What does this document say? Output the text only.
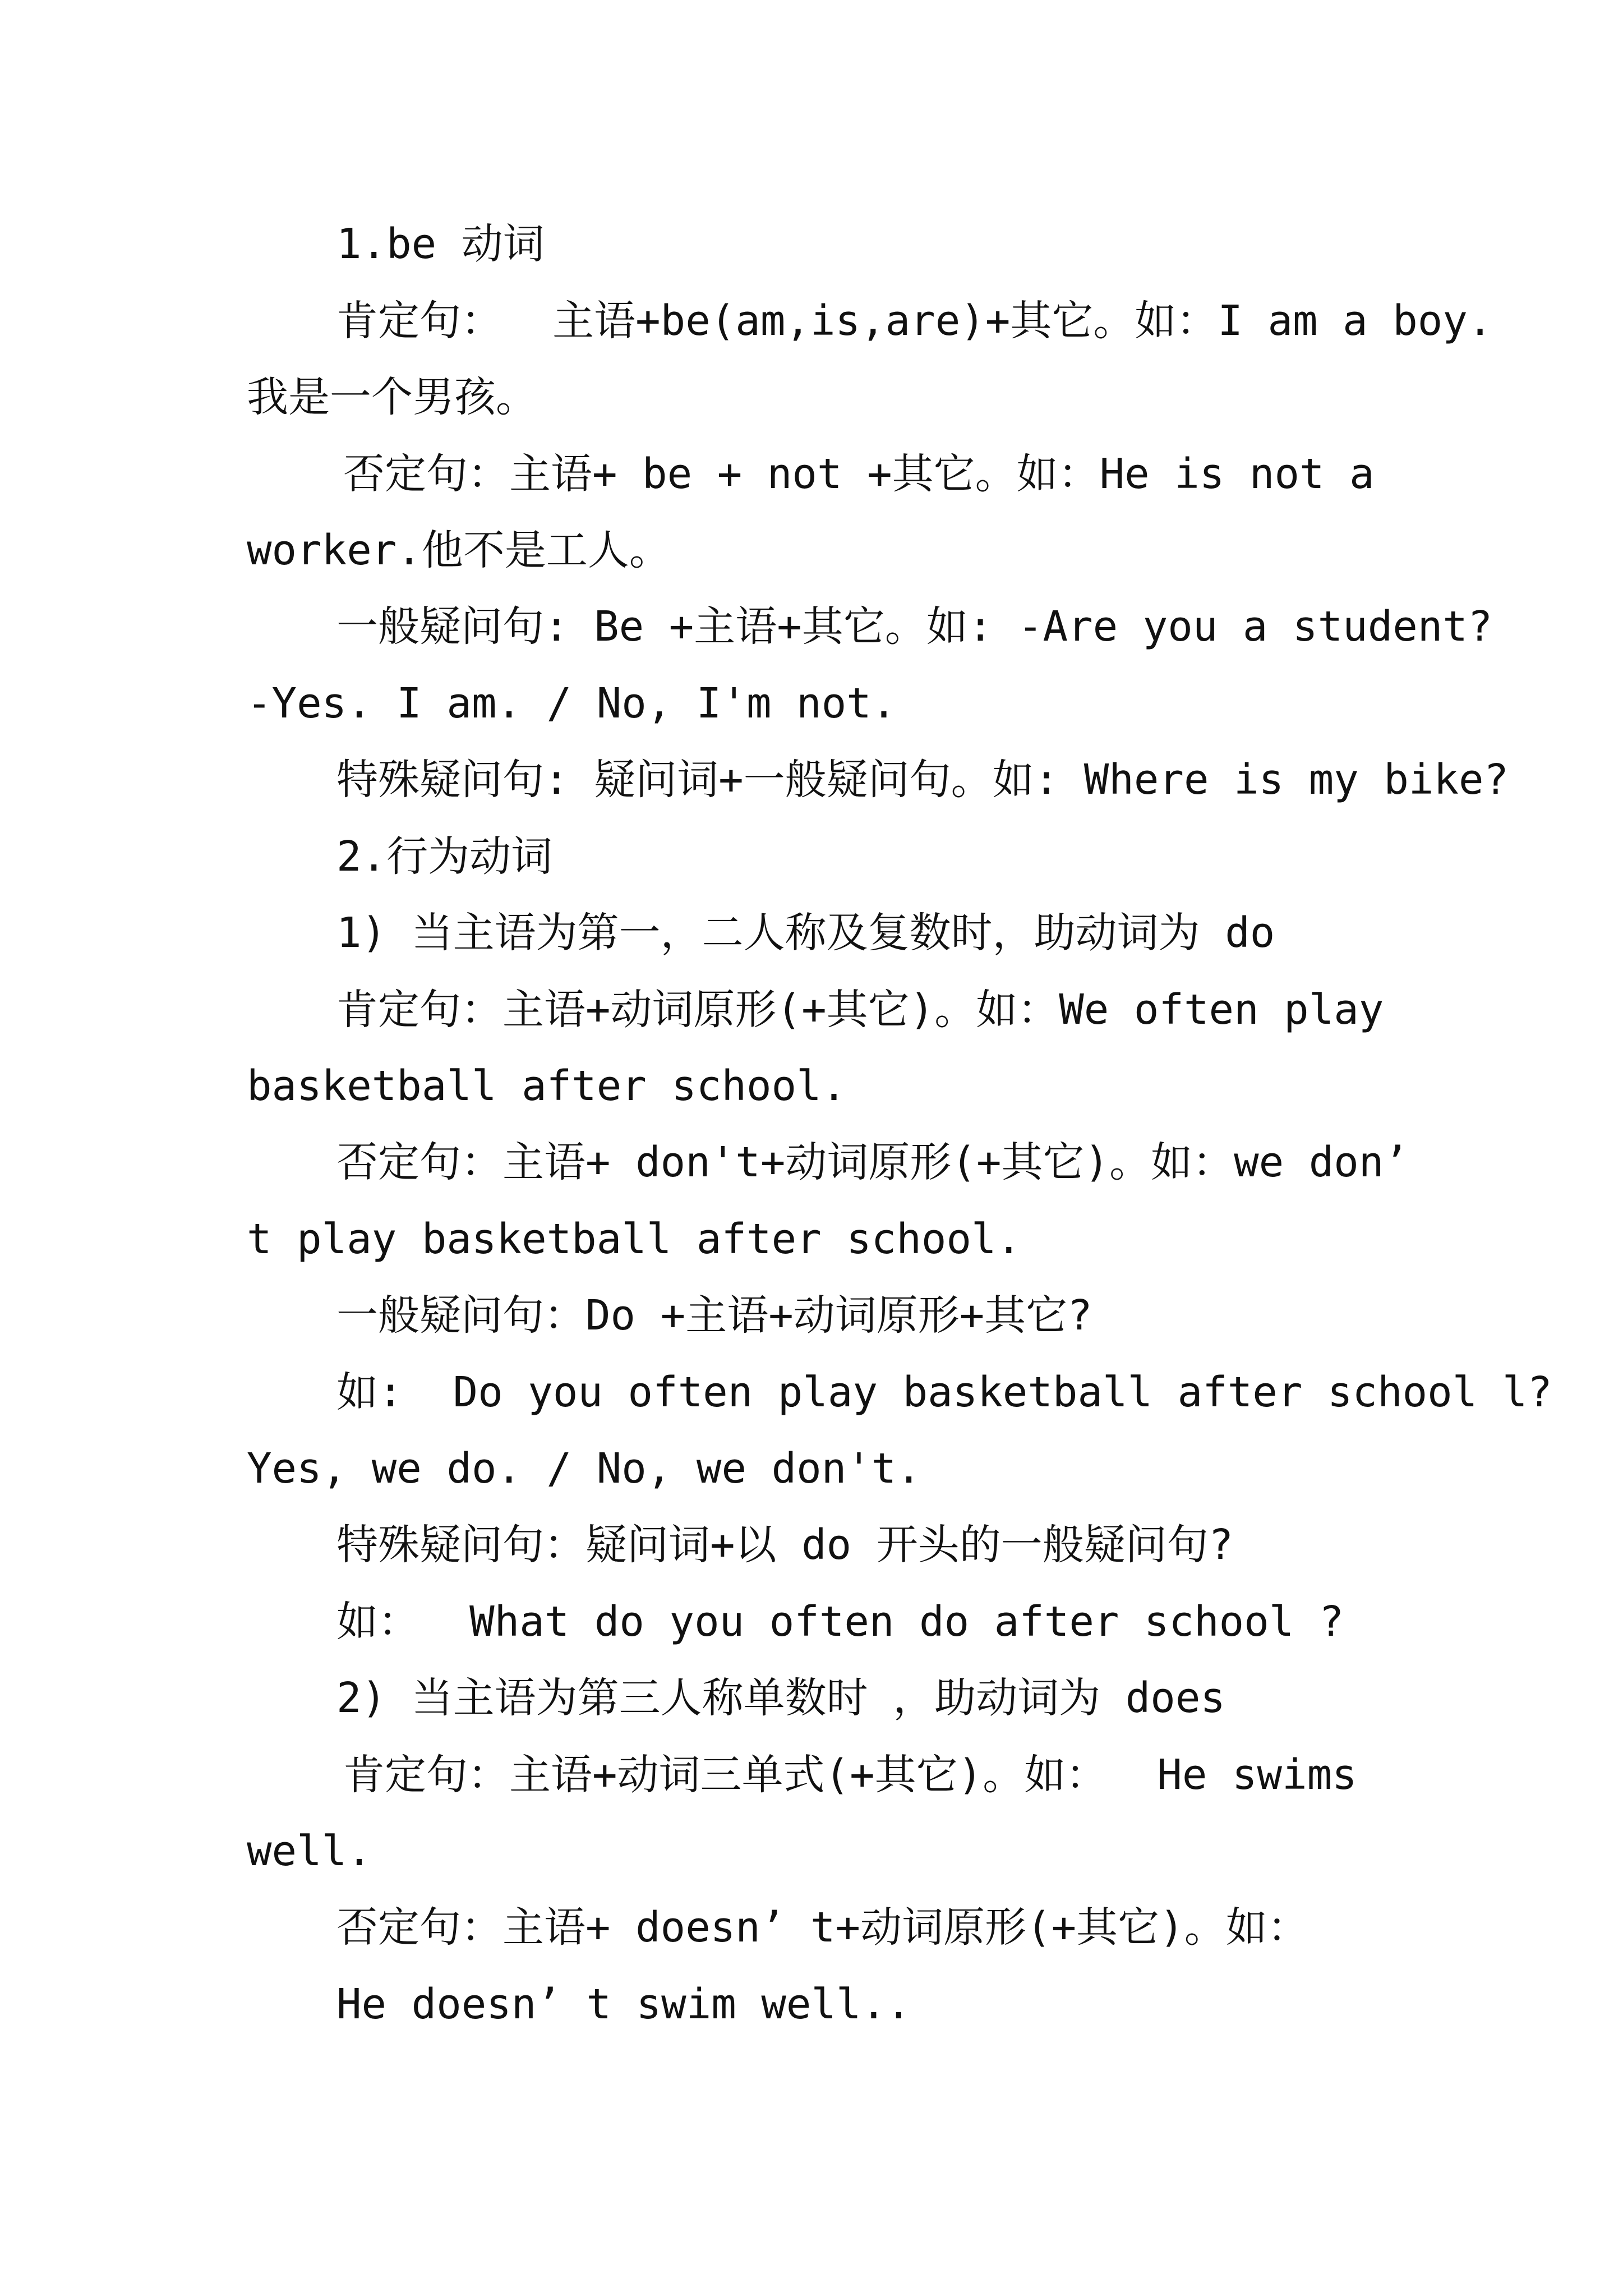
1.be 动词
肯定句：  主语+be(am,is,are)+其它。如：I am a boy.
我是一个男孩。
否定句：主语+ be + not +其它。如：He is not a
worker.他不是工人。
一般疑问句: Be +主语+其它。如: -Are you a student?
-Yes. I am. / No, I'm not.
特殊疑问句: 疑问词+一般疑问句。如: Where is my bike?
2.行为动词
1) 当主语为第一，二人称及复数时，助动词为 do
肯定句：主语+动词原形(+其它)。如：We often play
basketball after school.
否定句：主语+ don't+动词原形(+其它)。如：we don’
t play basketball after school.
一般疑问句：Do +主语+动词原形+其它?
如:  Do you often play basketball after school l?
Yes, we do. / No, we don't.
特殊疑问句：疑问词+以 do 开头的一般疑问句?
如：  What do you often do after school ?
2) 当主语为第三人称单数时 ，助动词为 does
肯定句：主语+动词三单式(+其它)。如：  He swims
well.
否定句：主语+ doesn’ t+动词原形(+其它)。如：
He doesn’ t swim well..
